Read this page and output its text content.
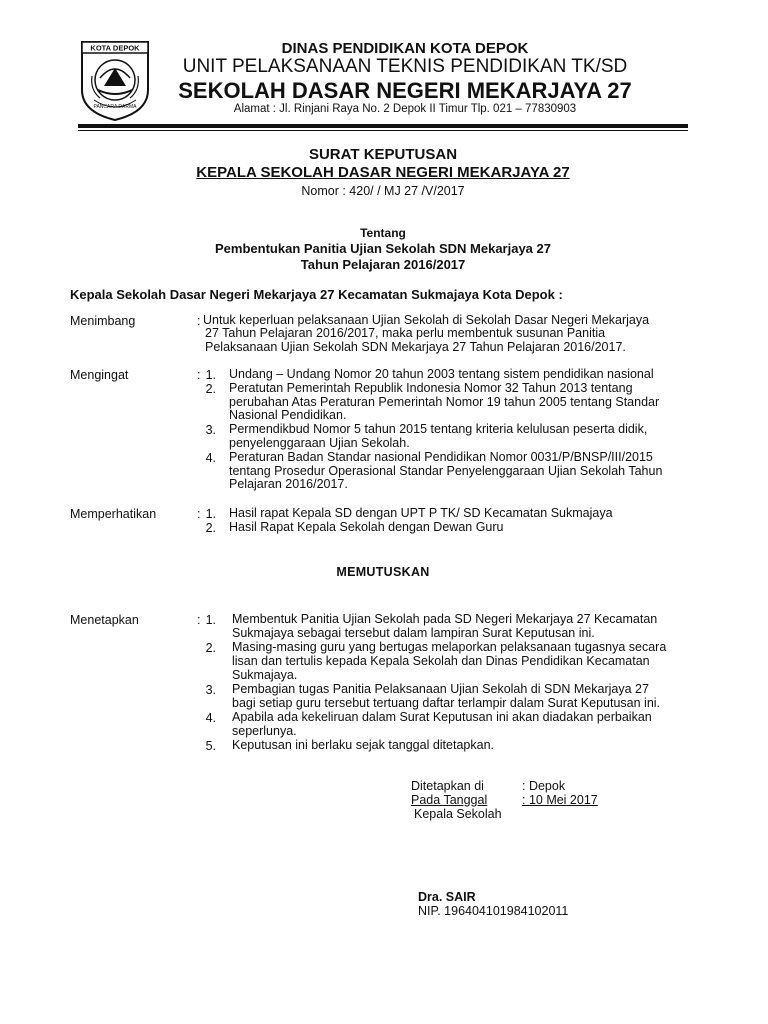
KOTA DEPOK
PANCARA DARMA
DINAS PENDIDIKAN KOTA DEPOK
UNIT PELAKSANAAN TEKNIS PENDIDIKAN TK/SD
SEKOLAH DASAR NEGERI MEKARJAYA 27
Alamat : Jl. Rinjani Raya No. 2 Depok II Timur Tlp. 021 – 77830903
SURAT KEPUTUSAN
KEPALA SEKOLAH DASAR NEGERI MEKARJAYA 27
Nomor : 420/ / MJ 27 /V/2017
Tentang
Pembentukan Panitia Ujian Sekolah SDN Mekarjaya 27
Tahun Pelajaran 2016/2017
Kepala Sekolah Dasar Negeri Mekarjaya 27 Kecamatan Sukmajaya Kota Depok :
Menimbang	: Untuk keperluan pelaksanaan Ujian Sekolah di Sekolah Dasar Negeri Mekarjaya
27 Tahun Pelajaran 2016/2017, maka perlu membentuk susunan Panitia
Pelaksanaan Ujian Sekolah SDN Mekarjaya 27 Tahun Pelajaran 2016/2017.
Mengingat	: 1. Undang – Undang Nomor 20 tahun 2003 tentang sistem pendidikan nasional
2. Peratutan Pemerintah Republik Indonesia Nomor 32 Tahun 2013 tentang
perubahan Atas Peraturan Pemerintah Nomor 19 tahun 2005 tentang Standar
Nasional Pendidikan.
3. Permendikbud Nomor 5 tahun 2015 tentang kriteria kelulusan peserta didik,
penyelenggaraan Ujian Sekolah.
4. Peraturan Badan Standar nasional Pendidikan Nomor 0031/P/BNSP/III/2015
tentang Prosedur Operasional Standar Penyelenggaraan Ujian Sekolah Tahun
Pelajaran 2016/2017.
Memperhatikan	: 1. Hasil rapat Kepala SD dengan UPT P TK/ SD Kecamatan Sukmajaya
2. Hasil Rapat Kepala Sekolah dengan Dewan Guru
MEMUTUSKAN
Menetapkan	: 1. Membentuk Panitia Ujian Sekolah pada SD Negeri Mekarjaya 27 Kecamatan
Sukmajaya sebagai tersebut dalam lampiran Surat Keputusan ini.
2. Masing-masing guru yang bertugas melaporkan pelaksanaan tugasnya secara
lisan dan tertulis kepada Kepala Sekolah dan Dinas Pendidikan Kecamatan
Sukmajaya.
3. Pembagian tugas Panitia Pelaksanaan Ujian Sekolah di SDN Mekarjaya 27
bagi setiap guru tersebut tertuang daftar terlampir dalam Surat Keputusan ini.
4. Apabila ada kekeliruan dalam Surat Keputusan ini akan diadakan perbaikan
seperlunya.
5. Keputusan ini berlaku sejak tanggal ditetapkan.
Ditetapkan di	: Depok
Pada Tanggal	: 10 Mei 2017
Kepala Sekolah
Dra. SAIR
NIP. 196404101984102011
